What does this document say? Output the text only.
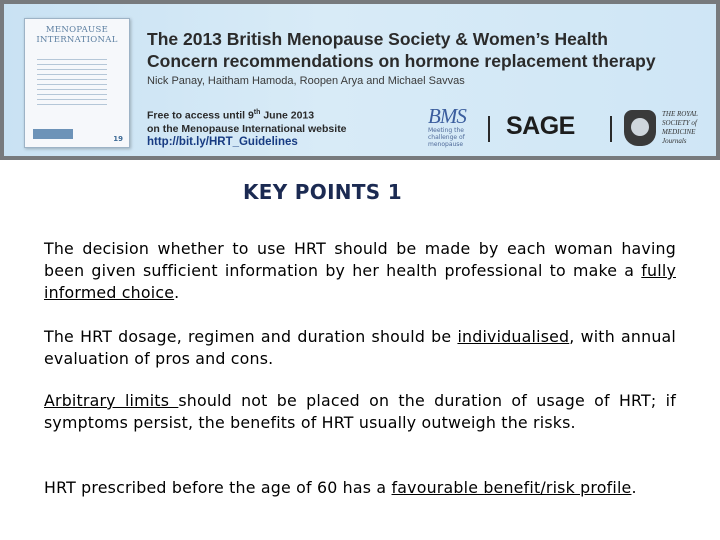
MENOPAUSE
INTERNATIONAL
19
The 2013 British Menopause Society & Women’s Health
Concern recommendations on hormone replacement therapy
Nick Panay, Haitham Hamoda, Roopen Arya and Michael Savvas
Free to access until 9th June 2013
on the Menopause International website
http://bit.ly/HRT_Guidelines
BMS
Meeting the
challenge of
menopause
SAGE	THE ROYAL
SOCIETY of
MEDICINE
Journals
KEY POINTS 1
The decision whether to use HRT should be made by each woman having been given sufficient information by her health professional to make a fully informed choice.
The HRT dosage, regimen and duration should be individualised, with annual evaluation of pros and cons.
Arbitrary limits should not be placed on the duration of usage of HRT; if symptoms persist, the benefits of HRT usually outweigh the risks.
HRT prescribed before the age of 60 has a favourable benefit/risk profile.
